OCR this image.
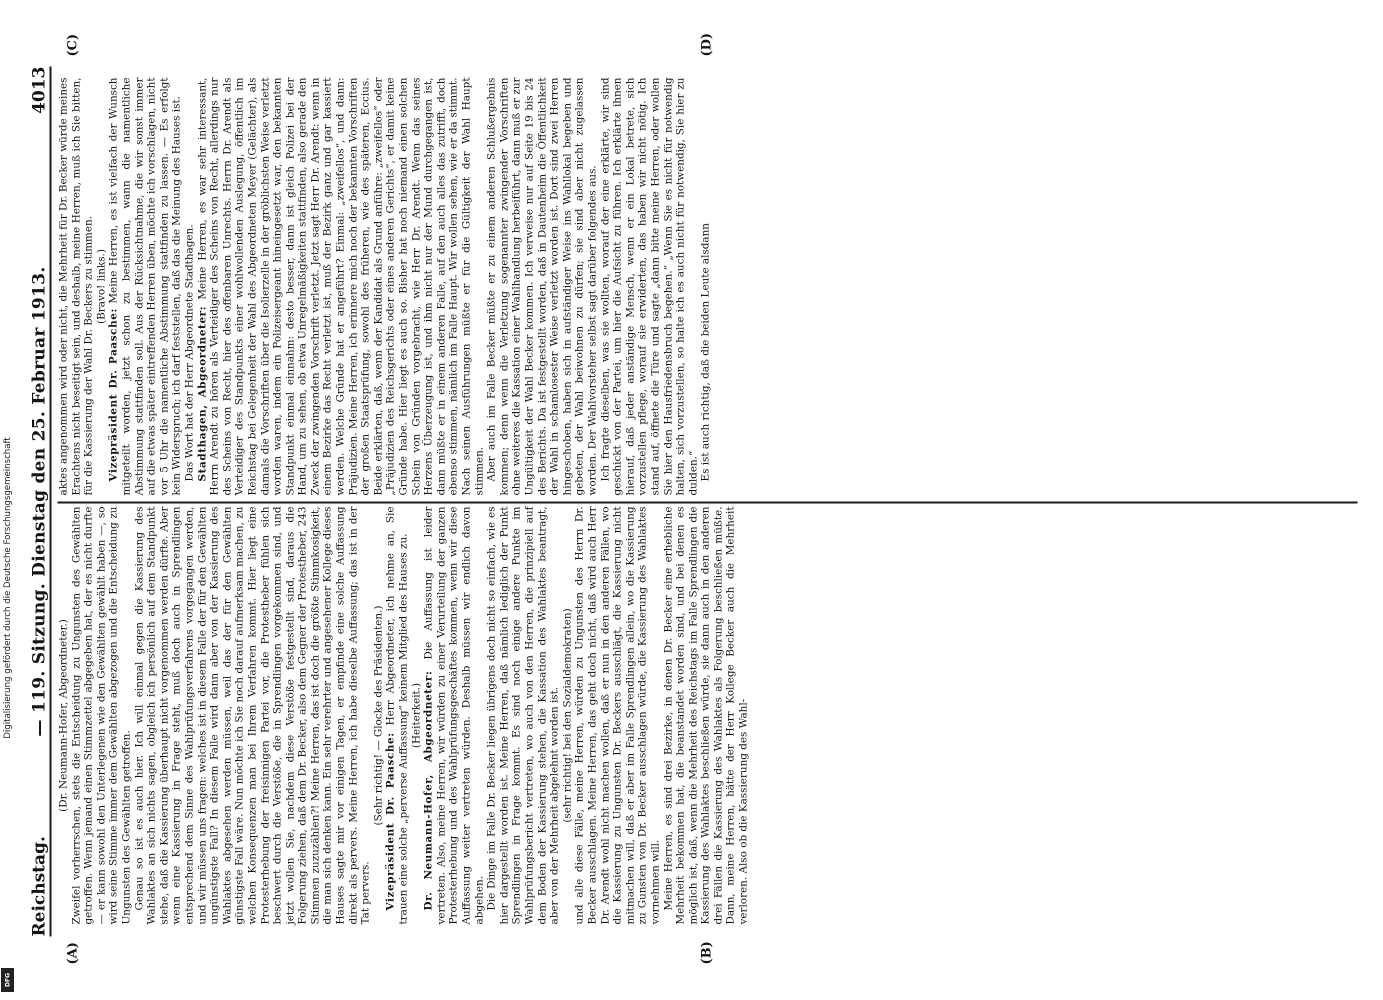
Digitalisierung gefördert durch die Deutsche Forschungsgemeinschaft
DFG
Reichstag.
— 119. Sitzung. Dienstag den 25. Februar 1913.
4013
(A)	(B)
(C)	(D)

(Dr. Neumann-Hofer, Abgeordneter.) Zweifel vorherrschen, stets die Entscheidung zu Ungunsten des Gewählten getroffen. Wenn jemand einen Stimmzettel abgegeben hat, der es nicht durfte — er kann sowohl den Unterlegenen wie den Gewählten gewählt haben —, so wird seine Stimme immer dem Gewählten abgezogen und die Entscheidung zu Ungunsten des Gewählten getroffen. Genau so ist es auch hier. Ich will einmal gegen die Kassierung des Wahlaktes an sich nichts sagen, obgleich ich persönlich auf dem Standpunkt stehe, daß die Kassierung überhaupt nicht vorgenommen werden dürfte. Aber wenn eine Kassierung in Frage steht, muß doch auch in Sprendlingen entsprechend dem Sinne des Wahlprüfungsverfahrens vorgegangen werden, und wir müssen uns fragen: welches ist in diesem Falle der für den Gewählten ungünstigste Fall? In diesem Falle wird dann aber von der Kassierung des Wahlaktes abgesehen werden müssen, weil das der für den Gewählten günstigste Fall wäre. Nun möchte ich Sie noch darauf aufmerksam machen, zu welchen Konsequenzen man bei Ihrem Verfahren kommt. Hier liegt eine Protesterhebung der freisinnigen Partei vor, die Protestheber fühlen sich beschwert durch die Verstöße, die in Sprendlingen vorgekommen sind, und jetzt wollen Sie, nachdem diese Verstöße festgestellt sind, daraus die Folgerung ziehen, daß dem Dr. Becker, also dem Gegner der Protestheber, 243 Stimmen zuzuzählen?! Meine Herren, das ist doch die größte Stimmkosigkeit, die man sich denken kann. Ein sehr verehrter und angesehener Kollege dieses Hauses sagte mir vor einigen Tagen, er empfinde eine solche Auffassung direkt als pervers. Meine Herren, ich habe dieselbe Auffassung; das ist in der Tat pervers.

(Sehr richtig! — Glocke des Präsidenten.) Vizepräsident Dr. Paasche: Herr Abgeordneter, ich nehme an, Sie trauen eine solche „perverse Auffassung“ keinem Mitglied des Hauses zu. (Heiterkeit.) Dr. Neumann-Hofer, Abgeordneter: Die Auffassung ist leider vertreten. Also, meine Herren, wir würden zu einer Verurteilung der ganzen Protesterhebung und des Wahlprüfungsgeschäftes kommen, wenn wir diese Auffassung weiter vertreten würden. Deshalb müssen wir endlich davon abgehen. Die Dinge im Falle Dr. Becker liegen übrigens doch nicht so einfach, wie es hier dargestellt worden ist. Meine Herren, daß nämlich lediglich der Punkt Sprendlingen in Frage kommt. Es sind noch einige andere Punkte im Wahlprüfungsbericht vertreten, wo auch von den Herren, die prinzipiell auf dem Boden der Kassierung stehen, die Kassation des Wahlaktes beantragt, aber von der Mehrheit abgelehnt worden ist. (sehr richtig! bei den Sozialdemokraten) und alle diese Fälle, meine Herren, würden zu Ungunsten des Herrn Dr. Becker ausschlagen. Meine Herren, das geht doch nicht, daß wird auch Herr Dr. Arendt wohl nicht machen wollen, daß er nun in den anderen Fällen, wo die Kassierung zu Ungunsten Dr. Beckers ausschlägt, die Kassierung nicht mitmachen will, daß er aber im Falle Sprendlingen allein, wo die Kassierung zu Gunsten von Dr. Becker ausschlagen würde, die Kassierung des Wahlaktes vornehmen will. Meine Herren, es sind drei Bezirke, in denen Dr. Becker eine erhebliche Mehrheit bekommen hat, die beanstandet worden sind, und bei denen es möglich ist, daß, wenn die Mehrheit des Reichstags im Falle Sprendlingen die Kassierung des Wahlaktes beschließen würde, sie dann auch in den anderen drei Fällen die Kassierung des Wahlaktes als Folgerung beschließen müßte. Dann, meine Herren, hätte der Herr Kollege Becker auch die Mehrheit verloren. Also ob die Kassierung des Wahl-

aktes angenommen wird oder nicht, die Mehrheit für Dr. Becker würde meines Erachtens nicht beseitigt sein, und deshalb, meine Herren, muß ich Sie bitten, für die Kassierung der Wahl Dr. Beckers zu stimmen. (Bravo! links.)

Vizepräsident Dr. Paasche: Meine Herren, es ist vielfach der Wunsch mitgeteilt worden, jetzt schon zu bestimmen, wann die namentliche Abstimmung stattfinden soll. Aus der Rücksichtnahme, die wir sonst immer auf die etwas später eintreffenden Herren üben, möchte ich vorschlagen, nicht vor 5 Uhr die namentliche Abstimmung stattfinden zu lassen. — Es erfolgt kein Widerspruch; ich darf feststellen, daß das die Meinung des Hauses ist. Das Wort hat der Herr Abgeordnete Stadthagen. Stadthagen, Abgeordneter: Meine Herren, es war sehr interessant, Herrn Arendt zu hören als Verteidiger des Scheins von Recht, allerdings nur des Scheins von Recht, hier des offenbaren Unrechts. Herrn Dr. Arendt als Verteidiger des Standpunkts einer wohlwollenden Auslegung, öffentlich im Reichstag bei Gelegenheit der Wahl des Abgeordneten Meyer (Gelächter), als damals die Vorschriften über die Isolierzelle in der gröblichsten Weise verletzt worden waren, indem ein Polizeisergeant hineingesetzt war, den bekannten Standpunkt einmal einnahm: desto besser, dann ist gleich Polizei bei der Hand, um zu sehen, ob etwa Unregelmäßigkeiten stattfinden, also gerade den Zweck der zwingenden Vorschrift verletzt. Jetzt sagt Herr Dr. Arendt: wenn in einem Bezirke das Recht verletzt ist, muß der Bezirk ganz und gar kassiert werden. Welche Gründe hat er angeführt? Einmal: „zweifellos“, und dann: Präjudizien. Meine Herren, ich erinnere mich noch der bekannten Vorschriften der großen Staatsprüfung, sowohl des früheren, wie des späteren, Eccius. Beide erklärten, daß, wenn der Kandidat als Grund anführe: „zweifellos“ oder „Präjudizien des Reichsgerichts oder eines anderen Gerichts“, er damit keine Gründe habe. Hier liegt es auch so. Bisher hat noch niemand einen solchen Schein von Gründen vorgebracht, wie Herr Dr. Arendt. Wenn das seines Herzens Überzeugung ist, und ihm nicht nur der Mund durchgegangen ist, dann müßte er in einem anderen Falle, auf den auch alles das zutrifft, doch ebenso stimmen, nämlich im Falle Haupt. Wir wollen sehen, wie er da stimmt. Nach seinen Ausführungen müßte er für die Gültigkeit der Wahl Haupt stimmen. Aber auch im Falle Becker müßte er zu einem anderen Schlußergebnis kommen; denn wenn die Verletzung sogenannter zwingender Vorschriften ohne weiteres die Kassation einer Wahlhandlung herbeiführt, dann muß er zur Ungültigkeit der Wahl Becker kommen. Ich verweise nur auf Seite 19 bis 24 des Berichts. Da ist festgestellt worden, daß in Dautenheim die Öffentlichkeit der Wahl in schamlosester Weise verletzt worden ist. Dort sind zwei Herren hingeschoben, haben sich in aufständiger Weise ins Wahllokal begeben und gebeten, der Wahl beiwohnen zu dürfen; sie sind aber nicht zugelassen worden. Der Wahlvorsteher selbst sagt darüber folgendes aus. Ich fragte dieselben, was sie wollten, worauf der eine erklärte, wir sind geschickt von der Partei, um hier die Aufsicht zu führen. Ich erklärte ihnen hierauf, daß jeder anständige Mensch, wenn er ein Lokal betrete, sich vorzustellen pflege, worauf sie erwiderten, das haben wir nicht nötig. Ich stand auf, öffnete die Türe und sagte „dann bitte meine Herren, oder wollen Sie hier den Hausfriedensbruch begehen.“ „Wenn Sie es nicht für notwendig halten, sich vorzustellen, so halte ich es auch nicht für notwendig, Sie hier zu dulden.“ Es ist auch richtig, daß die beiden Leute alsdann
